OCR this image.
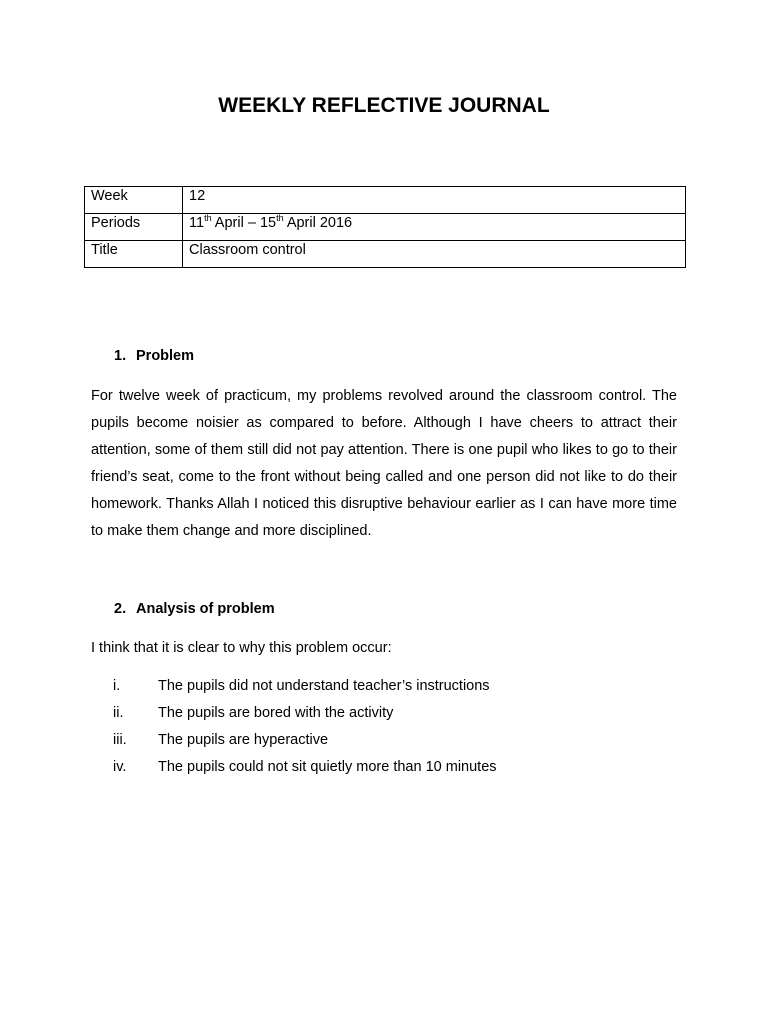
WEEKLY REFLECTIVE JOURNAL
Week	12
Periods	11th April – 15th April 2016
Title	Classroom control
1. Problem

For twelve week of practicum, my problems revolved around the classroom control. The pupils become noisier as compared to before. Although I have cheers to attract their attention, some of them still did not pay attention. There is one pupil who likes to go to their friend’s seat, come to the front without being called and one person did not like to do their homework. Thanks Allah I noticed this disruptive behaviour earlier as I can have more time to make them change and more disciplined.

2. Analysis of problem

I think that it is clear to why this problem occur:

i.	The pupils did not understand teacher’s instructions
ii. The pupils are bored with the activity
iii. The pupils are hyperactive
iv. The pupils could not sit quietly more than 10 minutes
